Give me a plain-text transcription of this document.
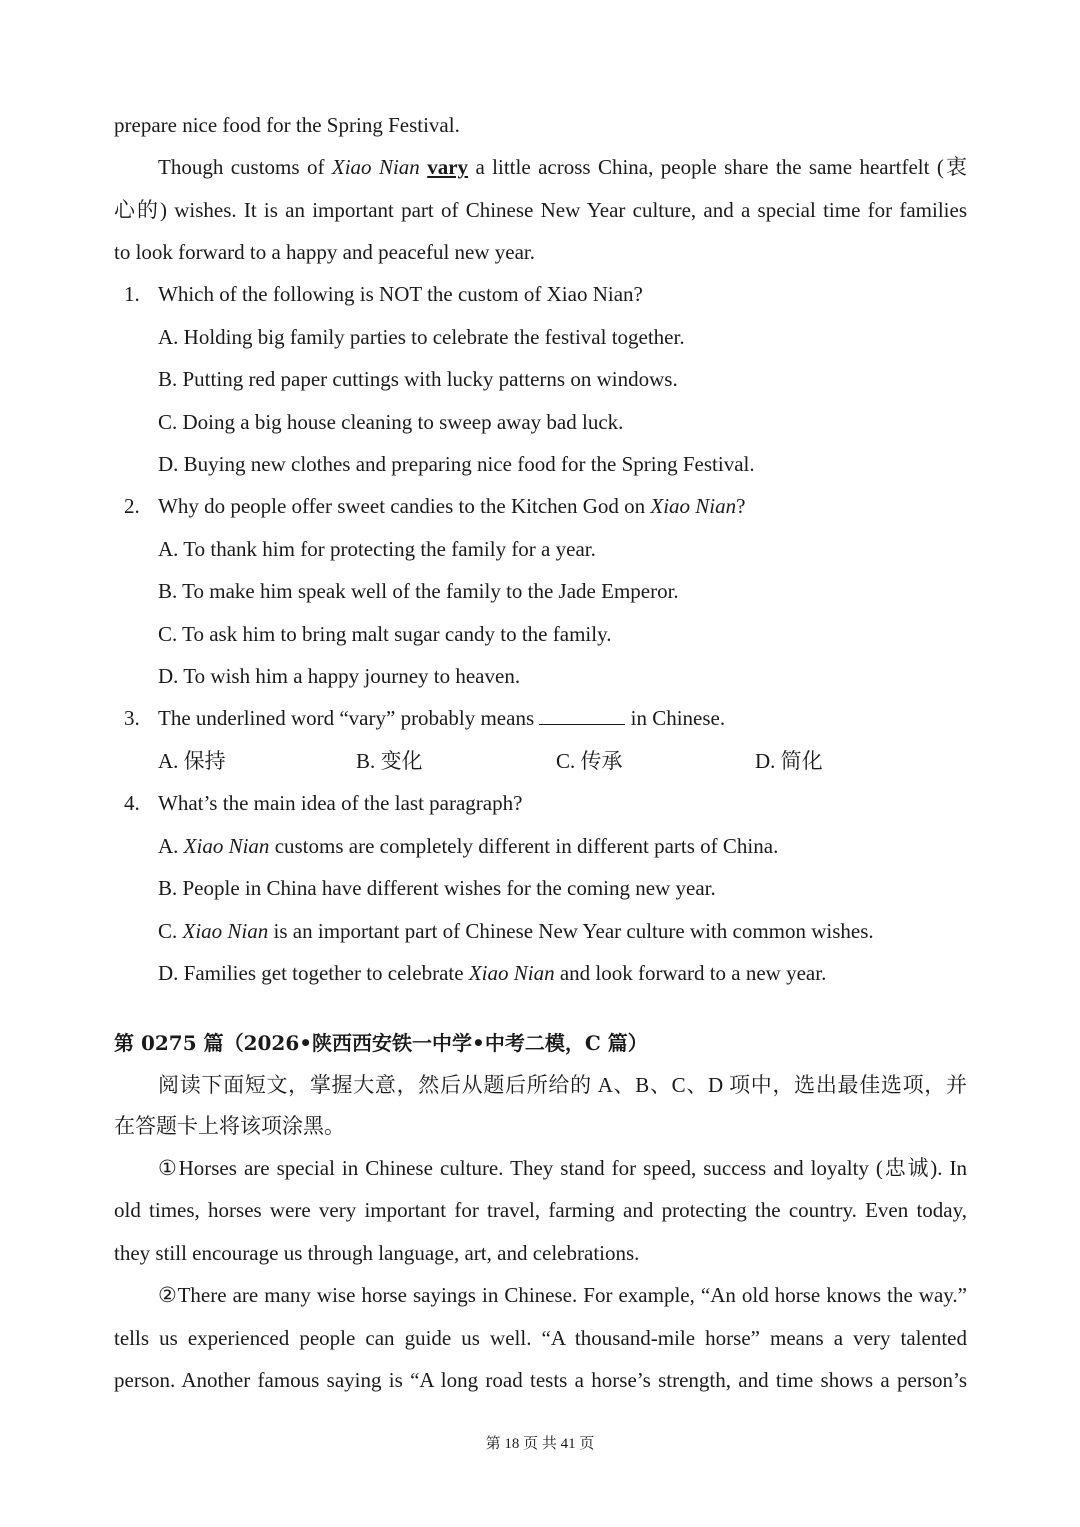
prepare nice food for the Spring Festival.
Though customs of Xiao Nian vary a little across China, people share the same heartfelt (衷
心的) wishes. It is an important part of Chinese New Year culture, and a special time for families
to look forward to a happy and peaceful new year.
1. Which of the following is NOT the custom of Xiao Nian?
A. Holding big family parties to celebrate the festival together.
B. Putting red paper cuttings with lucky patterns on windows.
C. Doing a big house cleaning to sweep away bad luck.
D. Buying new clothes and preparing nice food for the Spring Festival.
2. Why do people offer sweet candies to the Kitchen God on Xiao Nian?
A. To thank him for protecting the family for a year.
B. To make him speak well of the family to the Jade Emperor.
C. To ask him to bring malt sugar candy to the family.
D. To wish him a happy journey to heaven.
3. The underlined word “vary” probably means	in Chinese.
A. 保持	B. 变化	C. 传承	D. 简化
4. What’s the main idea of the last paragraph?
A. Xiao Nian customs are completely different in different parts of China.
B. People in China have different wishes for the coming new year.
C. Xiao Nian is an important part of Chinese New Year culture with common wishes.
D. Families get together to celebrate Xiao Nian and look forward to a new year.
第 0275 篇（2026•陕西西安铁一中学•中考二模，C 篇）
阅读下面短文，掌握大意，然后从题后所给的 A、B、C、D 项中，选出最佳选项，并
在答题卡上将该项涂黑。
①Horses are special in Chinese culture. They stand for speed, success and loyalty (忠诚). In
old times, horses were very important for travel, farming and protecting the country. Even today,
they still encourage us through language, art, and celebrations.
②There are many wise horse sayings in Chinese. For example, “An old horse knows the way.”
tells us experienced people can guide us well. “A thousand-mile horse” means a very talented
person. Another famous saying is “A long road tests a horse’s strength, and time shows a person’s
第 18 页 共 41 页
